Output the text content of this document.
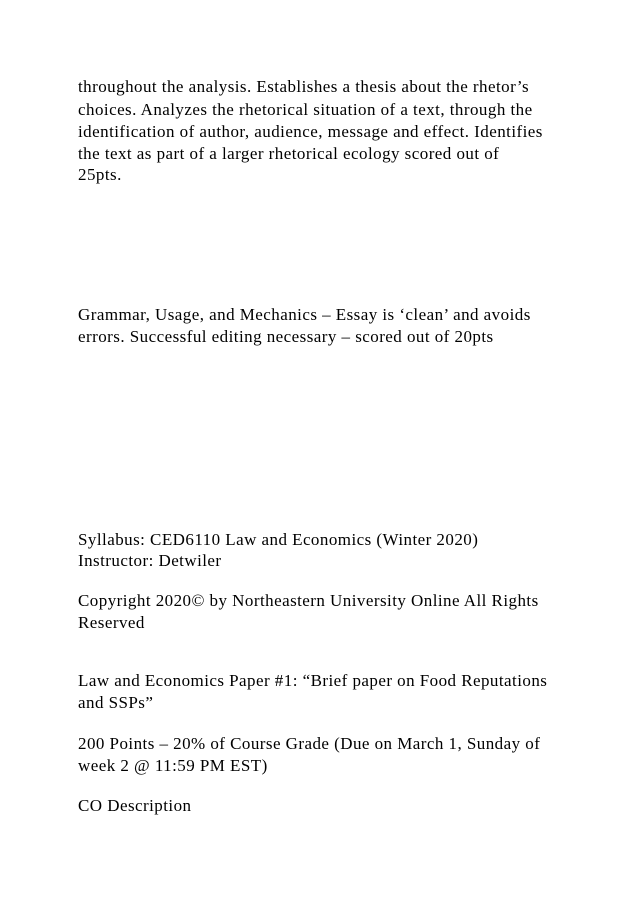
throughout the analysis. Establishes a thesis about the rhetor’s

choices. Analyzes the rhetorical situation of a text, through the

identification of author, audience, message and effect. Identifies

the text as part of a larger rhetorical ecology scored out of

25pts.

Grammar, Usage, and Mechanics – Essay is ‘clean’ and avoids

errors. Successful editing necessary – scored out of 20pts

Syllabus: CED6110 Law and Economics (Winter 2020)

Instructor: Detwiler

Copyright 2020© by Northeastern University Online All Rights

Reserved

Law and Economics Paper #1: “Brief paper on Food Reputations

and SSPs”

200 Points – 20% of Course Grade (Due on March 1, Sunday of

week 2 @ 11:59 PM EST)

CO Description
